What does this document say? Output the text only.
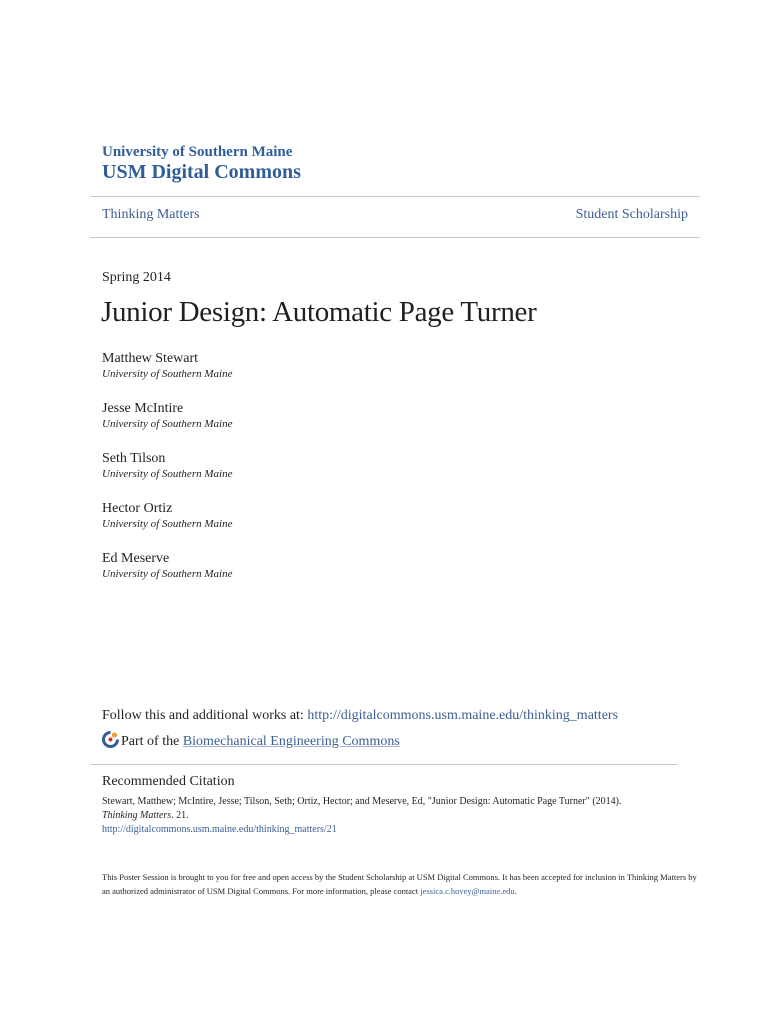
University of Southern Maine
USM Digital Commons
Thinking Matters	Student Scholarship
Spring 2014
Junior Design: Automatic Page Turner
Matthew Stewart
University of Southern Maine
Jesse McIntire
University of Southern Maine
Seth Tilson
University of Southern Maine
Hector Ortiz
University of Southern Maine
Ed Meserve
University of Southern Maine
Follow this and additional works at: http://digitalcommons.usm.maine.edu/thinking_matters
Part of the Biomechanical Engineering Commons
Recommended Citation
Stewart, Matthew; McIntire, Jesse; Tilson, Seth; Ortiz, Hector; and Meserve, Ed, "Junior Design: Automatic Page Turner" (2014).
Thinking Matters. 21.
http://digitalcommons.usm.maine.edu/thinking_matters/21
This Poster Session is brought to you for free and open access by the Student Scholarship at USM Digital Commons. It has been accepted for inclusion in Thinking Matters by an authorized administrator of USM Digital Commons. For more information, please contact jessica.c.hovey@maine.edu.
